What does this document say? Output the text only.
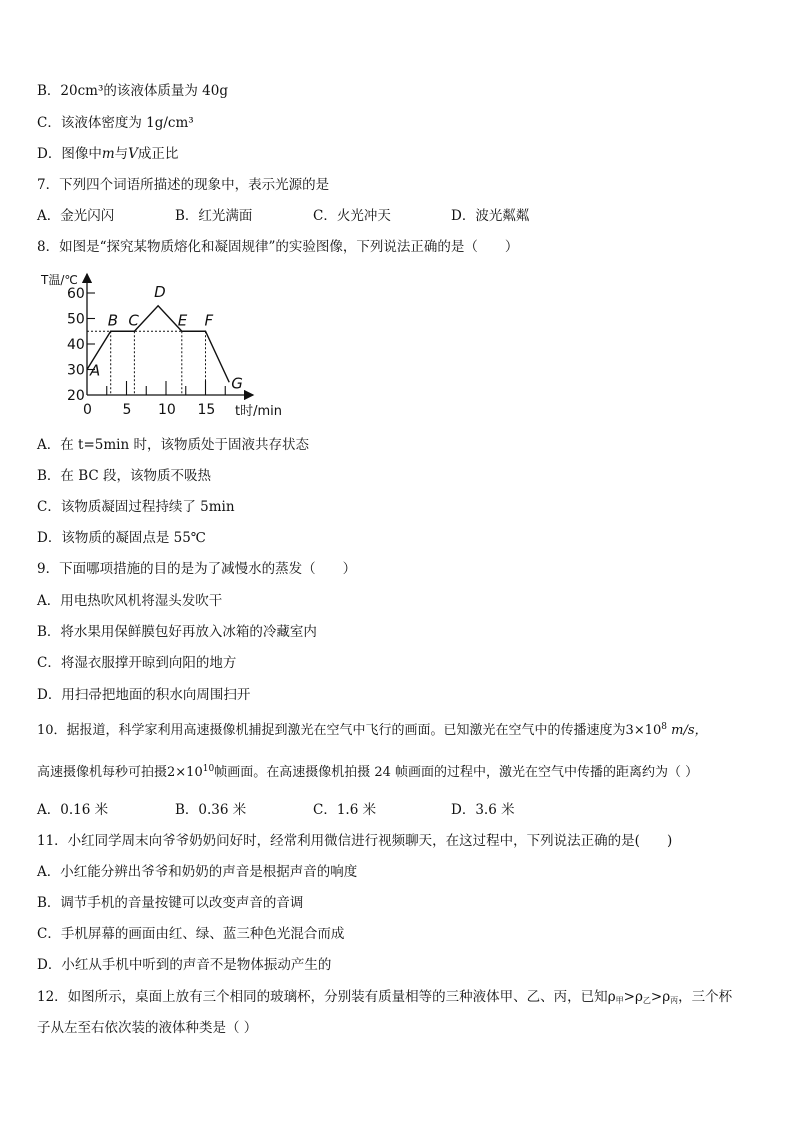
B．20cm³的该液体质量为 40g
C．该液体密度为 1g/cm³
D．图像中m与V成正比
7．下列四个词语所描述的现象中，表示光源的是
A．金光闪闪	B．红光满面	C．火光冲天	D．波光粼粼
8．如图是“探究某物质熔化和凝固规律”的实验图像，下列说法正确的是（　　）
20
30
40
50
60
0 5 10 15
A
B C
D
E F
G
T温/℃
t时/min
A．在 t=5min 时，该物质处于固液共存状态
B．在 BC 段，该物质不吸热
C．该物质凝固过程持续了 5min
D．该物质的凝固点是 55℃
9．下面哪项措施的目的是为了减慢水的蒸发（　　）
A．用电热吹风机将湿头发吹干
B．将水果用保鲜膜包好再放入冰箱的冷藏室内
C．将湿衣服撑开晾到向阳的地方
D．用扫帚把地面的积水向周围扫开
10．据报道，科学家利用高速摄像机捕捉到激光在空气中飞行的画面。已知激光在空气中的传播速度为$3\times 10^8$ m/s，
高速摄像机每秒可拍摄$2\times 10^{10}$帧画面。在高速摄像机拍摄 24 帧画面的过程中，激光在空气中传播的距离约为（ ）
A．0.16 米	B．0.36 米	C．1.6 米	D．3.6 米
11．小红同学周末向爷爷奶奶问好时，经常利用微信进行视频聊天，在这过程中，下列说法正确的是(　　)
A．小红能分辨出爷爷和奶奶的声音是根据声音的响度
B．调节手机的音量按键可以改变声音的音调
C．手机屏幕的画面由红、绿、蓝三种色光混合而成
D．小红从手机中听到的声音不是物体振动产生的
12．如图所示，桌面上放有三个相同的玻璃杯，分别装有质量相等的三种液体甲、乙、丙，已知$\rho_甲>\rho_乙>\rho_丙$，三个杯
子从左至右依次装的液体种类是（ ）
